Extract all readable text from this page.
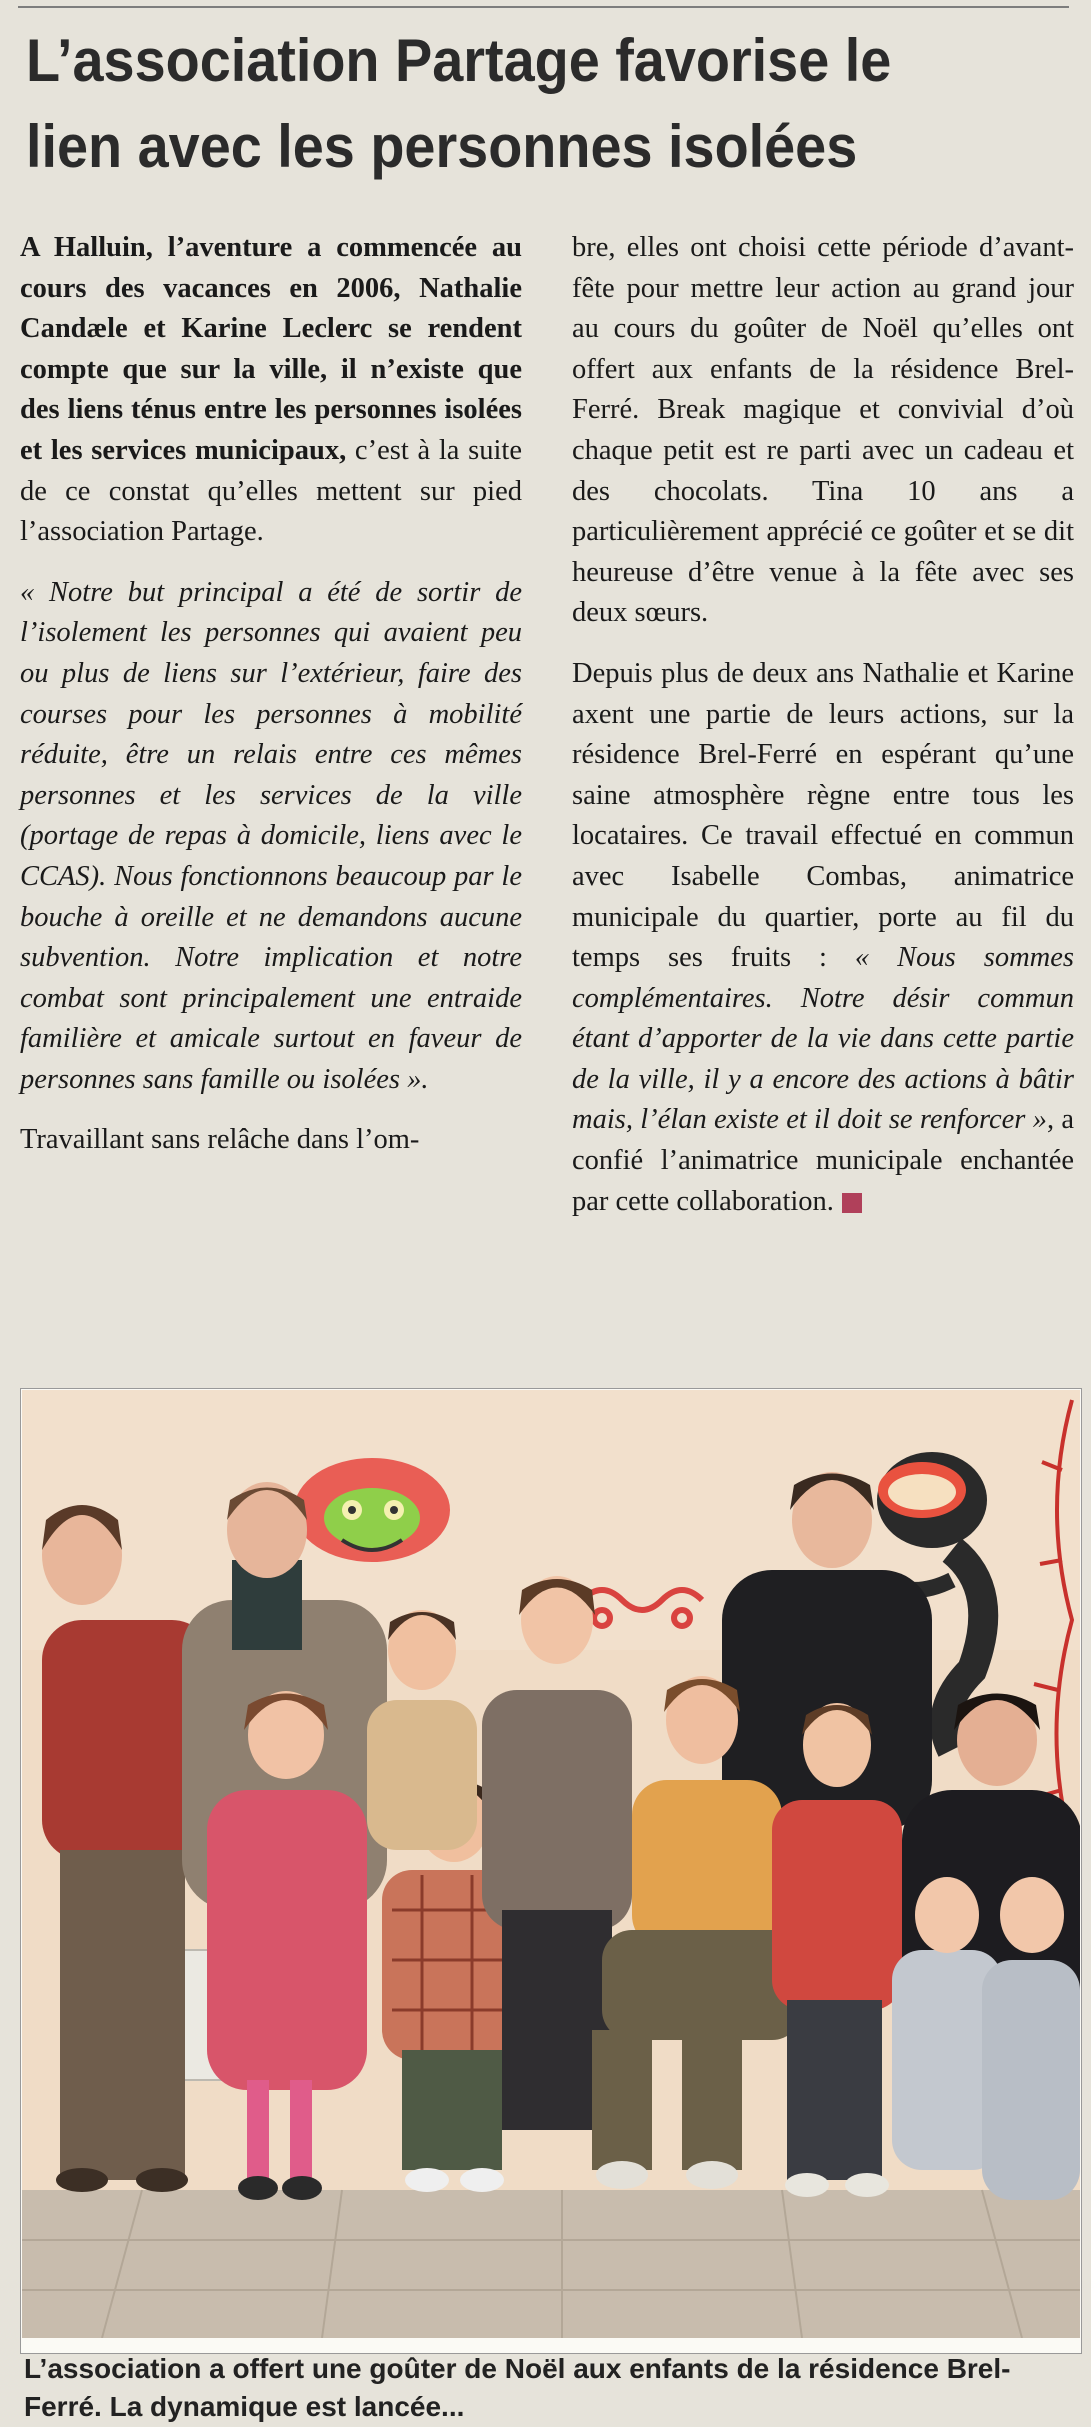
L’association Partage favorise le lien avec les personnes isolées

A Halluin, l’aventure a commencée au cours des vacances en 2006, Nathalie Candæle et Karine Leclerc se rendent compte que sur la ville, il n’existe que des liens ténus entre les personnes isolées et les services municipaux, c’est à la suite de ce constat qu’elles mettent sur pied l’association Partage.

« Notre but principal a été de sortir de l’isolement les personnes qui avaient peu ou plus de liens sur l’extérieur, faire des courses pour les personnes à mobilité réduite, être un relais entre ces mêmes personnes et les services de la ville (portage de repas à domicile, liens avec le CCAS). Nous fonctionnons beaucoup par le bouche à oreille et ne demandons aucune subvention. Notre implication et notre combat sont principalement une entraide familière et amicale surtout en faveur de personnes sans famille ou isolées ».

Travaillant sans relâche dans l’om-

bre, elles ont choisi cette période d’avant-fête pour mettre leur action au grand jour au cours du goûter de Noël qu’elles ont offert aux enfants de la résidence Brel-Ferré. Break magique et convivial d’où chaque petit est re parti avec un cadeau et des chocolats. Tina 10 ans a particulièrement apprécié ce goûter et se dit heureuse d’être venue à la fête avec ses deux sœurs.

Depuis plus de deux ans Nathalie et Karine axent une partie de leurs actions, sur la résidence Brel-Ferré en espérant qu’une saine atmosphère règne entre tous les locataires. Ce travail effectué en commun avec Isabelle Combas, animatrice municipale du quartier, porte au fil du temps ses fruits : « Nous sommes complémentaires. Notre désir commun étant d’apporter de la vie dans cette partie de la ville, il y a encore des actions à bâtir mais, l’élan existe et il doit se renforcer », a confié l’animatrice municipale enchantée par cette collaboration.

L’association a offert une goûter de Noël aux enfants de la résidence Brel-Ferré. La dynamique est lancée...
